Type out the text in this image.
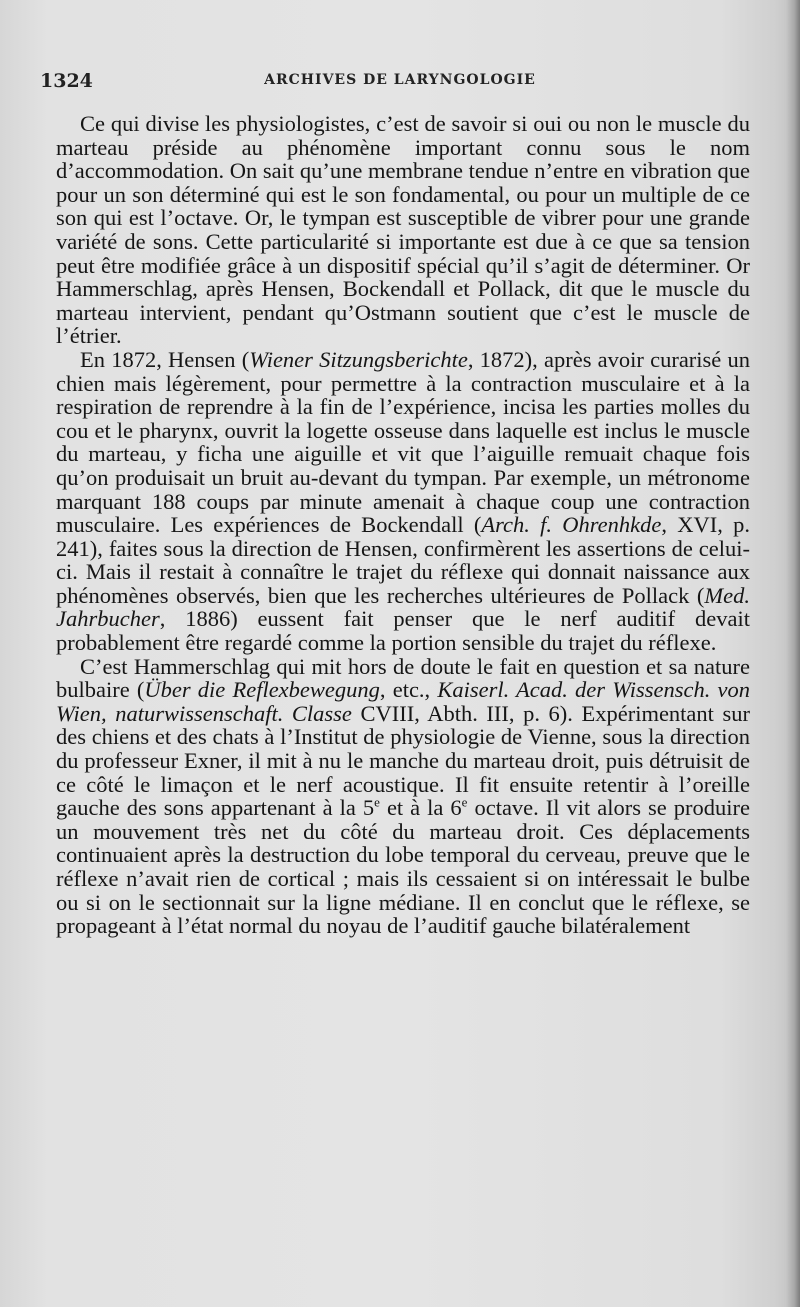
1324	ARCHIVES DE LARYNGOLOGIE

Ce qui divise les physiologistes, c’est de savoir si oui ou non le muscle du marteau préside au phénomène important connu sous le nom d’accommodation. On sait qu’une membrane tendue n’entre en vibration que pour un son déterminé qui est le son fondamental, ou pour un multiple de ce son qui est l’octave. Or, le tympan est susceptible de vibrer pour une grande variété de sons. Cette particularité si importante est due à ce que sa tension peut être modifiée grâce à un dispositif spécial qu’il s’agit de déterminer. Or Hammerschlag, après Hensen, Bockendall et Pollack, dit que le muscle du marteau intervient, pendant qu’Ostmann soutient que c’est le muscle de l’étrier.

En 1872, Hensen (Wiener Sitzungsberichte, 1872), après avoir curarisé un chien mais légèrement, pour permettre à la contraction musculaire et à la respiration de reprendre à la fin de l’expérience, incisa les parties molles du cou et le pharynx, ouvrit la logette osseuse dans laquelle est inclus le muscle du marteau, y ficha une aiguille et vit que l’aiguille remuait chaque fois qu’on produisait un bruit au-devant du tympan. Par exemple, un métronome marquant 188 coups par minute amenait à chaque coup une contraction musculaire. Les expériences de Bockendall (Arch. f. Ohrenhkde, XVI, p. 241), faites sous la direction de Hensen, confirmèrent les assertions de celui-ci. Mais il restait à connaître le trajet du réflexe qui donnait naissance aux phénomènes observés, bien que les recherches ultérieures de Pollack (Med. Jahrbucher, 1886) eussent fait penser que le nerf auditif devait probablement être regardé comme la portion sensible du trajet du réflexe.

C’est Hammerschlag qui mit hors de doute le fait en question et sa nature bulbaire (Über die Reflexbewegung, etc., Kaiserl. Acad. der Wissensch. von Wien, naturwissenschaft. Classe CVIII, Abth. III, p. 6). Expérimentant sur des chiens et des chats à l’Institut de physiologie de Vienne, sous la direction du professeur Exner, il mit à nu le manche du marteau droit, puis détruisit de ce côté le limaçon et le nerf acoustique. Il fit ensuite retentir à l’oreille gauche des sons appartenant à la 5e et à la 6e octave. Il vit alors se produire un mouvement très net du côté du marteau droit. Ces déplacements continuaient après la destruction du lobe temporal du cerveau, preuve que le réflexe n’avait rien de cortical ; mais ils cessaient si on intéressait le bulbe ou si on le sectionnait sur la ligne médiane. Il en conclut que le réflexe, se propageant à l’état normal du noyau de l’auditif gauche bilatéralement
